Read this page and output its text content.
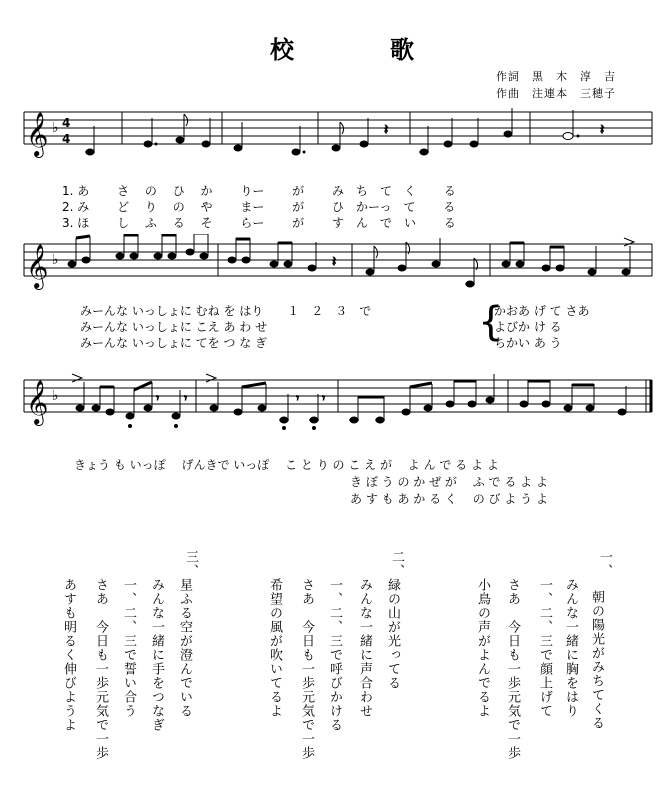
校	歌
作詞　黒　木　淳　吉
作曲　注連本　三穂子
𝄞 ♭ 4
4
𝄽	𝄽
1. あ　　 さ　 の　 ひ　 か　　 りー　　 が　　 み　ち　て　く　　 る
2. み　　 ど　 り　 の　 や　　 まー　　 が　　 ひ　かーっ　て　　 る
3. ほ　　 し　 ふ　 る　 そ　　 らー　　 が　　 す　ん　で　い　　 る
𝄞 ♭	𝄽
みーんな いっしょに むね を はり　　１　２　３　で
みーんな いっしょに こえ あ わ せ
みーんな いっしょに てを つ な ぎ	{
かおあ げ て さあ
よびか け る
ちかい あ う
𝄞 ♭	𝄾 𝄾	𝄾 𝄾
きょう も いっぽ　 げんきで いっぽ　 こ と り の こ え が　 よ ん で る よ よ
き ぼ う の か ぜ が　 ふ で る よ よ
あ す も あ か る く　 の び よ う よ
一、
朝の陽光がみちてくる
みんな一緒に胸をはり
一、二、三で顔上げて
さあ　今日も一歩元気で一歩
小鳥の声がよんでるよ
二、
緑の山が光ってる
みんな一緒に声合わせ
一、二、三で呼びかける
さあ　今日も一歩元気で一歩
希望の風が吹いてるよ
三、
星ふる空が澄んでいる
みんな一緒に手をつなぎ
一、二、三で誓い合う
さあ　今日も一歩元気で一歩
あすも明るく伸びようよ
